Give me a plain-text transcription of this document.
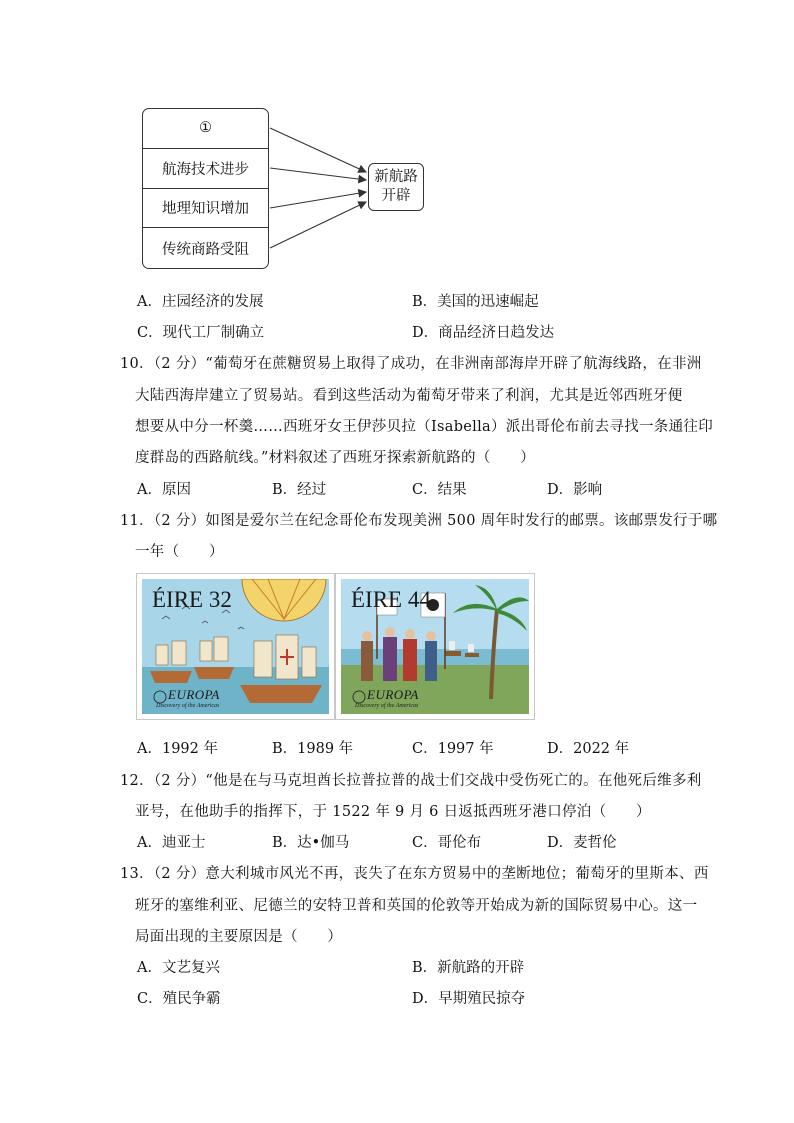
①
航海技术进步
地理知识增加
传统商路受阻
新航路
开辟
A．庄园经济的发展	B．美国的迅速崛起
C．现代工厂制确立	D．商品经济日趋发达
10．（2 分）“葡萄牙在蔗糖贸易上取得了成功，在非洲南部海岸开辟了航海线路，在非洲
大陆西海岸建立了贸易站。看到这些活动为葡萄牙带来了利润，尤其是近邻西班牙便
想要从中分一杯羹……西班牙女王伊莎贝拉（Isabella）派出哥伦布前去寻找一条通往印
度群岛的西路航线。”材料叙述了西班牙探索新航路的（　　）
A．原因	B．经过	C．结果	D．影响
11．（2 分）如图是爱尔兰在纪念哥伦布发现美洲 500 周年时发行的邮票。该邮票发行于哪
一年（　　）
ÉIRE 32
EUROPA
Discovery of the Americas
ÉIRE 44
EUROPA
Discovery of the Americas
A．1992 年	B．1989 年	C．1997 年	D．2022 年
12．（2 分）“他是在与马克坦酋长拉普拉普的战士们交战中受伤死亡的。在他死后维多利
亚号，在他助手的指挥下，于 1522 年 9 月 6 日返抵西班牙港口停泊（　　）
A．迪亚士	B．达•伽马	C．哥伦布	D．麦哲伦
13．（2 分）意大利城市风光不再，丧失了在东方贸易中的垄断地位；葡萄牙的里斯本、西
班牙的塞维利亚、尼德兰的安特卫普和英国的伦敦等开始成为新的国际贸易中心。这一
局面出现的主要原因是（　　）
A．文艺复兴	B．新航路的开辟
C．殖民争霸	D．早期殖民掠夺
